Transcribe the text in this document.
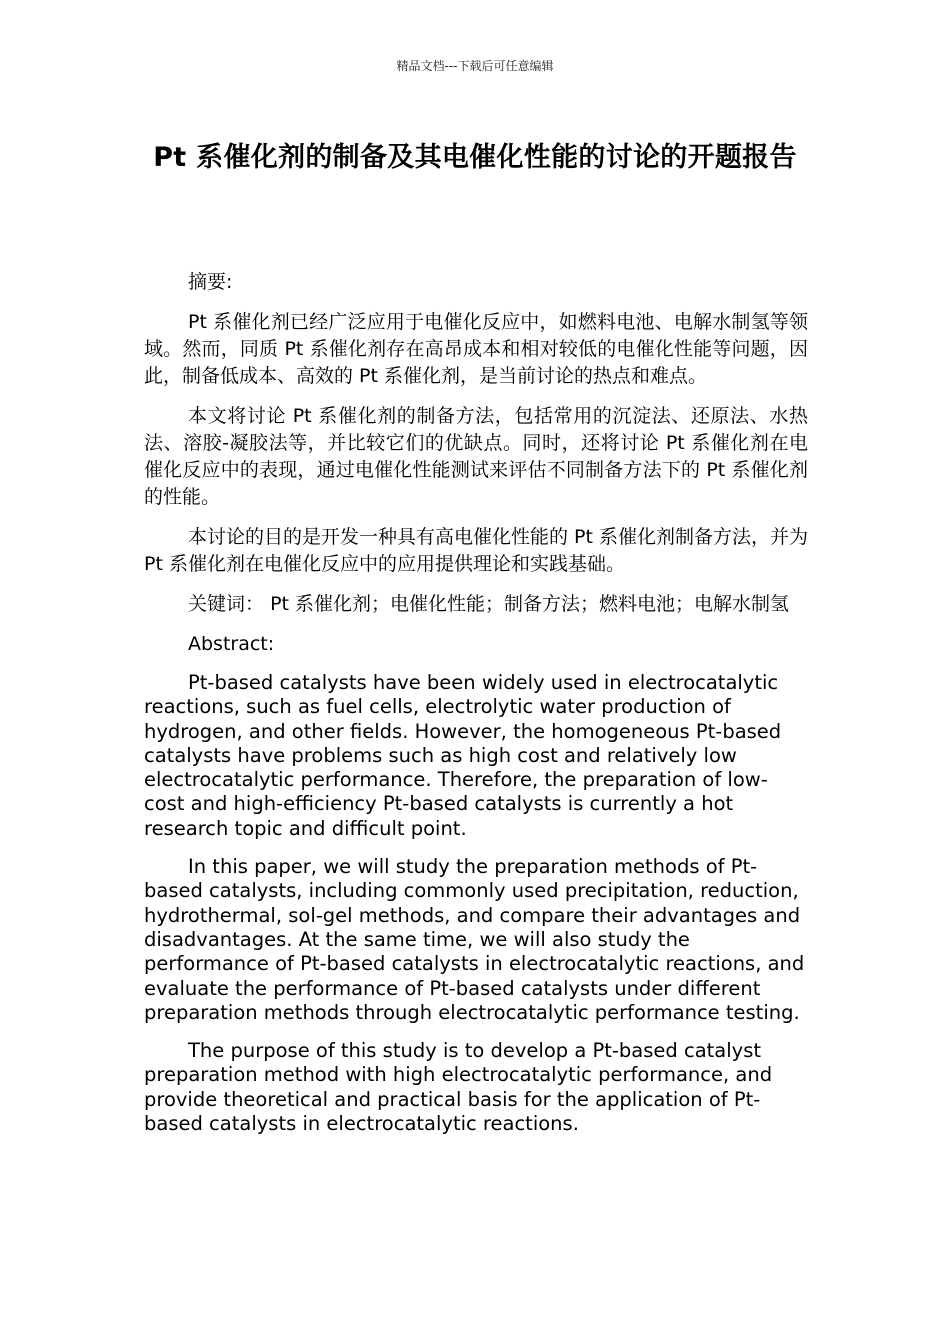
精品文档---下载后可任意编辑
Pt 系催化剂的制备及其电催化性能的讨论的开题报告

摘要:

Pt 系催化剂已经广泛应用于电催化反应中，如燃料电池、电解水制氢等领域。然而，同质 Pt 系催化剂存在高昂成本和相对较低的电催化性能等问题，因此，制备低成本、高效的 Pt 系催化剂，是当前讨论的热点和难点。

本文将讨论 Pt 系催化剂的制备方法，包括常用的沉淀法、还原法、水热法、溶胶-凝胶法等，并比较它们的优缺点。同时，还将讨论 Pt 系催化剂在电催化反应中的表现，通过电催化性能测试来评估不同制备方法下的 Pt 系催化剂的性能。

本讨论的目的是开发一种具有高电催化性能的 Pt 系催化剂制备方法，并为 Pt 系催化剂在电催化反应中的应用提供理论和实践基础。

关键词： Pt 系催化剂；电催化性能；制备方法；燃料电池；电解水制氢

Abstract:

Pt-based catalysts have been widely used in electrocatalytic reactions, such as fuel cells, electrolytic water production of hydrogen, and other fields. However, the homogeneous Pt-based catalysts have problems such as high cost and relatively low electrocatalytic performance. Therefore, the preparation of low-cost and high-efficiency Pt-based catalysts is currently a hot research topic and difficult point.

In this paper, we will study the preparation methods of Pt-based catalysts, including commonly used precipitation, reduction, hydrothermal, sol-gel methods, and compare their advantages and disadvantages. At the same time, we will also study the performance of Pt-based catalysts in electrocatalytic reactions, and evaluate the performance of Pt-based catalysts under different preparation methods through electrocatalytic performance testing.

The purpose of this study is to develop a Pt-based catalyst preparation method with high electrocatalytic performance, and provide theoretical and practical basis for the application of Pt-based catalysts in electrocatalytic reactions.
